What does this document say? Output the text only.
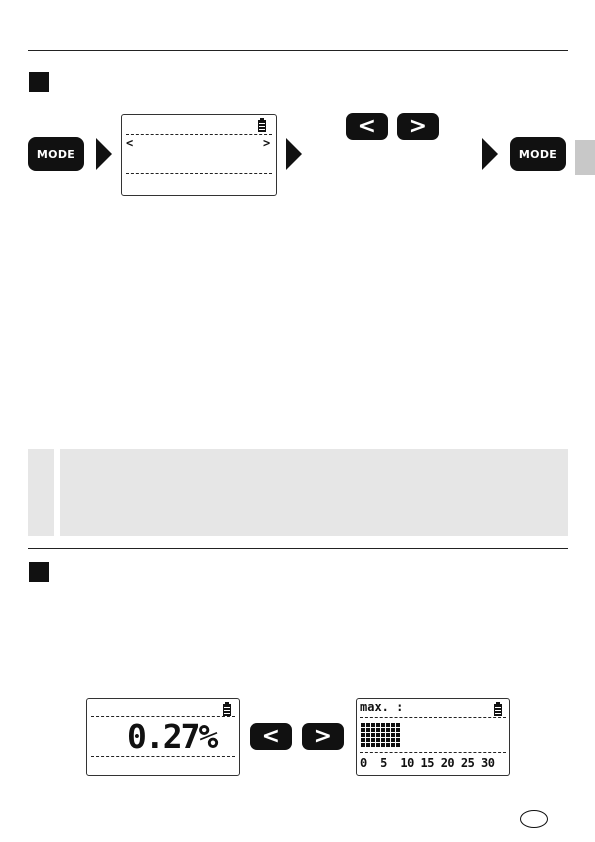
MODE
<	>
<	>
MODE
0.27%	<	>
max. :
0  5  10 15 20 25 30
